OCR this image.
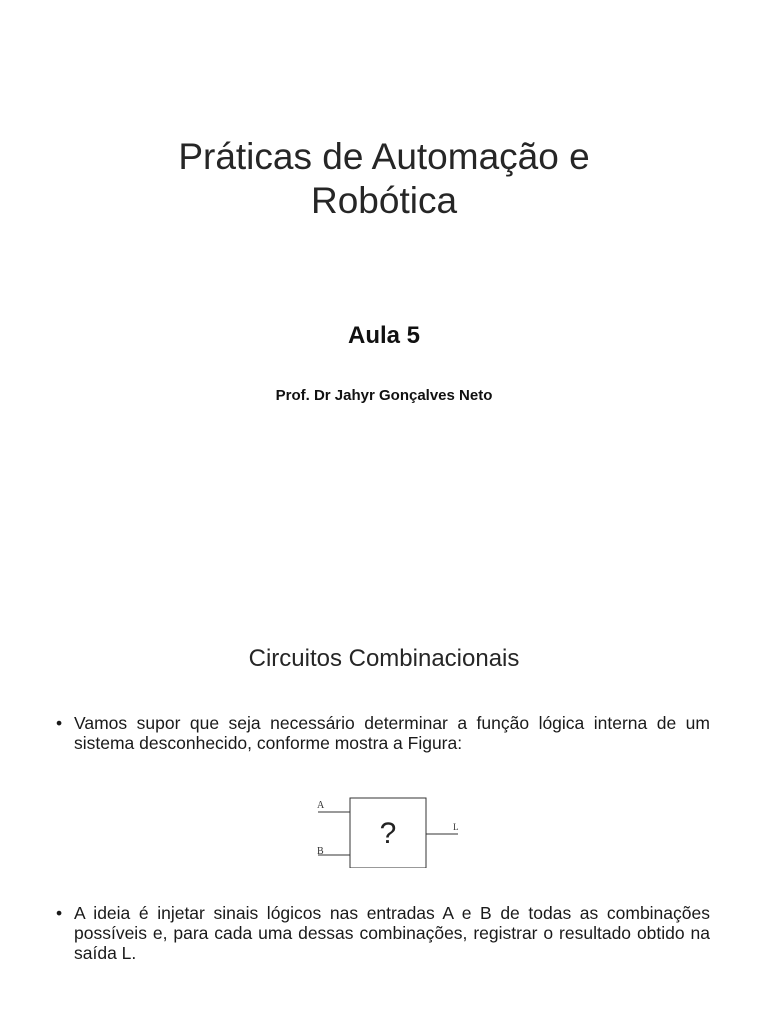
Práticas de Automação e
Robótica
Aula 5

Prof. Dr Jahyr Gonçalves Neto

Circuitos Combinacionais
• Vamos supor que seja necessário determinar a função lógica interna de um sistema desconhecido, conforme mostra a Figura:
A
B
?	L
• A ideia é injetar sinais lógicos nas entradas A e B de todas as combinações possíveis e, para cada uma dessas combinações, registrar o resultado obtido na saída L.
